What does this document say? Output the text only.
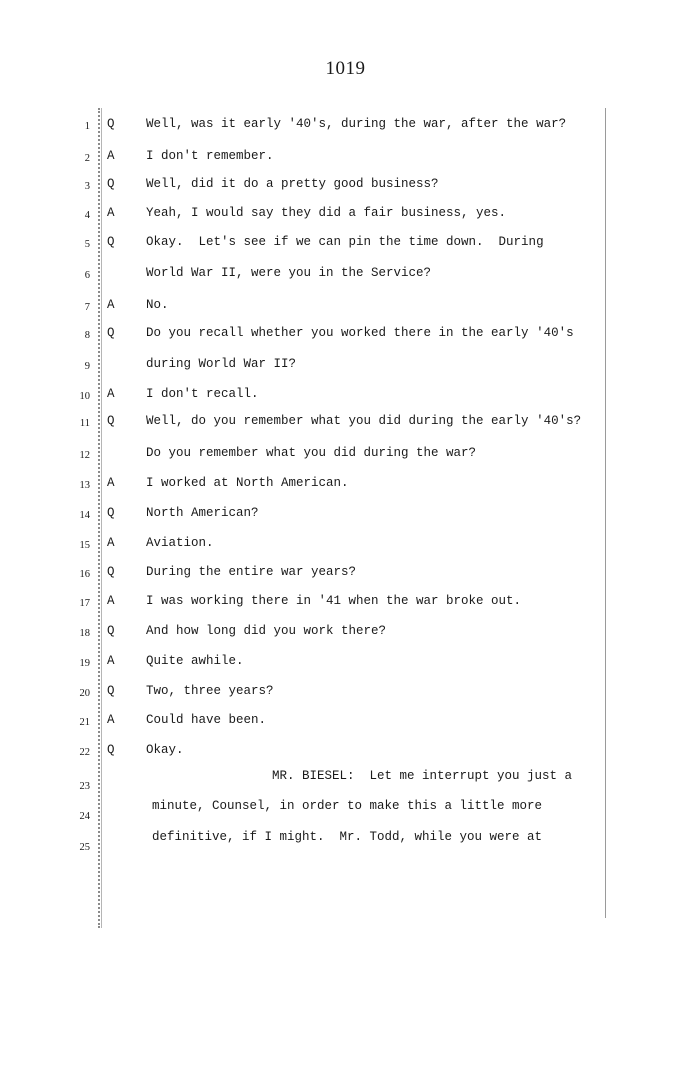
1019
1 Q	Well, was it early '40's, during the war, after the war?
2 A	I don't remember.
3 Q	Well, did it do a pretty good business?
4 A	Yeah, I would say they did a fair business, yes.
5 Q	Okay.  Let's see if we can pin the time down.  During
6	World War II, were you in the Service?
7 A	No.
8 Q	Do you recall whether you worked there in the early '40's
9	during World War II?
10 A	I don't recall.
11 Q	Well, do you remember what you did during the early '40's?
12	Do you remember what you did during the war?
13 A	I worked at North American.
14 Q	North American?
15 A	Aviation.
16 Q	During the entire war years?
17 A	I was working there in '41 when the war broke out.
18 Q	And how long did you work there?
19 A	Quite awhile.
20 Q	Two, three years?
21 A	Could have been.
22 Q	Okay.
23
MR. BIESEL:  Let me interrupt you just a
24
minute, Counsel, in order to make this a little more
25
definitive, if I might.  Mr. Todd, while you were at
